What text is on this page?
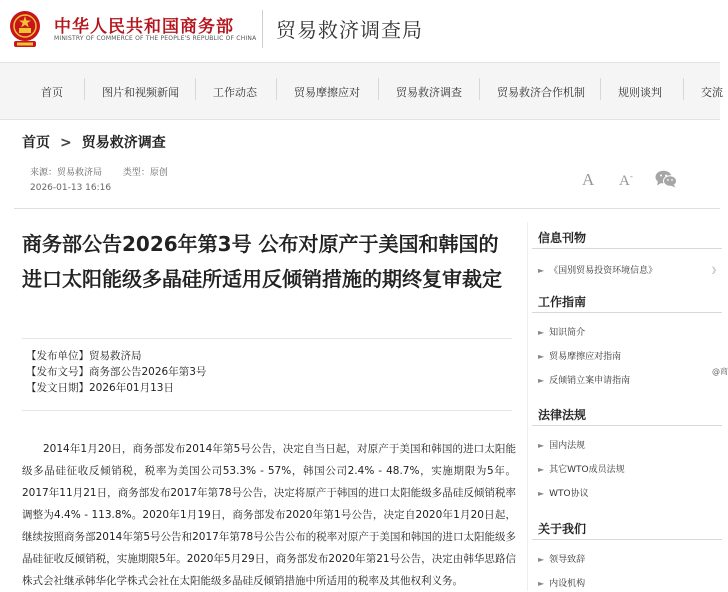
中华人民共和国商务部
MINISTRY OF COMMERCE OF THE PEOPLE'S REPUBLIC OF CHINA 贸易救济调查局
首页	图片和视频新闻	工作动态	贸易摩擦应对	贸易救济调查	贸易救济合作机制	规则谈判	交流
首页 > 贸易救济调查
来源：贸易救济局 类型：原创
2026-01-13 16:16	A A-
商务部公告2026年第3号 公布对原产于美国和韩国的进口太阳能级多晶硅所适用反倾销措施的期终复审裁定
【发布单位】贸易救济局
【发布文号】商务部公告2026年第3号
【发文日期】2026年01月13日

2014年1月20日，商务部发布2014年第5号公告，决定自当日起，对原产于美国和韩国的进口太阳能级多晶硅征收反倾销税，税率为美国公司53.3% - 57%，韩国公司2.4% - 48.7%，实施期限为5年。2017年11月21日，商务部发布2017年第78号公告，决定将原产于韩国的进口太阳能级多晶硅反倾销税率调整为4.4% - 113.8%。2020年1月19日，商务部发布2020年第1号公告，决定自2020年1月20日起，继续按照商务部2014年第5号公告和2017年第78号公告公布的税率对原产于美国和韩国的进口太阳能级多晶硅征收反倾销税，实施期限5年。2020年5月29日，商务部发布2020年第21号公告，决定由韩华思路信株式会社继承韩华化学株式会社在太阳能级多晶硅反倾销措施中所适用的税率及其他权利义务。

信息刊物
► 《国别贸易投资环境信息》
工作指南
► 知识简介
► 贸易摩擦应对指南
► 反倾销立案申请指南
法律法规
► 国内法规
► 其它WTO成员法规
► WTO协议
关于我们
► 领导致辞
► 内设机构
》
@商
